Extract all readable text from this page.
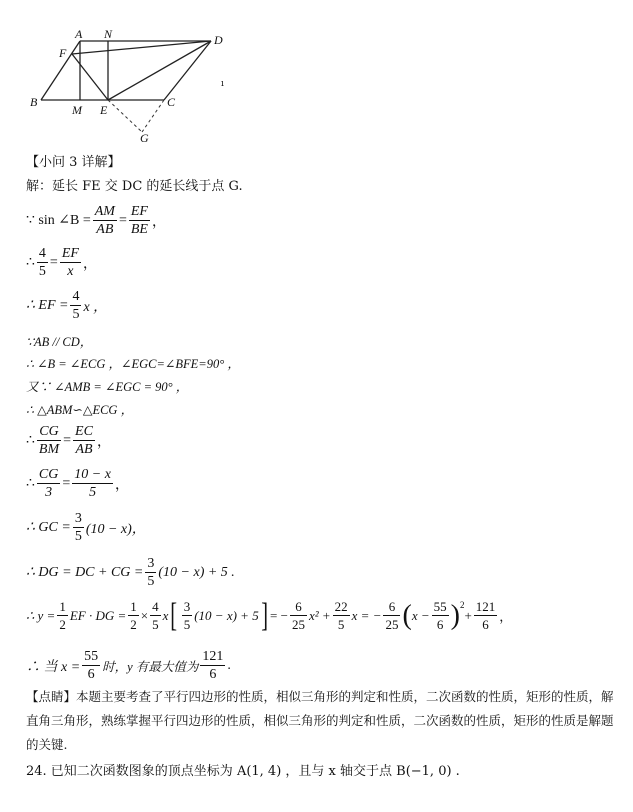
A N	D
F
B
M E
C
G
ı
【小问 3 详解】
解：延长 FE 交 DC 的延长线于点 G.
∵ sin ∠B = $\frac{AM}{AB} = \frac{EF}{BE}$ ，
∴ $\frac{4}{5} = \frac{EF}{x}$ ，
∴ EF = $\frac{4}{5}$ x ，
∵AB // CD，
∴ ∠B = ∠ECG ，∠EGC=∠BFE=90° ，
又∵ ∠AMB = ∠EGC = 90° ，
∴ △ABM∽△ECG ，
∴ $\frac{CG}{BM} = \frac{EC}{AB}$ ，
∴ $\frac{CG}{3} = \frac{10 - x}{5}$ ，
∴ GC = $\frac{3}{5} (10 - x)$，
∴ DG = DC + CG = $\frac{3}{5} (10 - x) + 5$ .
∴ $y = \frac{1}{2}$ EF · DG = $\frac{1}{2} \times \frac{4}{5}$ x [ $\frac{3}{5} (10 - x) + 5$ ] = − $\frac{6}{25} x^2 + \frac{22}{5}$ x = − $\frac{6}{25}$ ( $x - \frac{55}{6} )^2$
+ $\frac{121}{6}$ ，
∴ 当 $x = \frac{55}{6}$ 时，y 有最大值为 $\frac{121}{6}$ .
【点睛】本题主要考查了平行四边形的性质，相似三角形的判定和性质，二次函数的性质，矩形的性质，解直角三角形，熟练掌握平行四边形的性质，相似三角形的判定和性质，二次函数的性质，矩形的性质是解题的关键.
24. 已知二次函数图象的顶点坐标为 A(1, 4) ，且与 x 轴交于点 B(−1, 0) .
